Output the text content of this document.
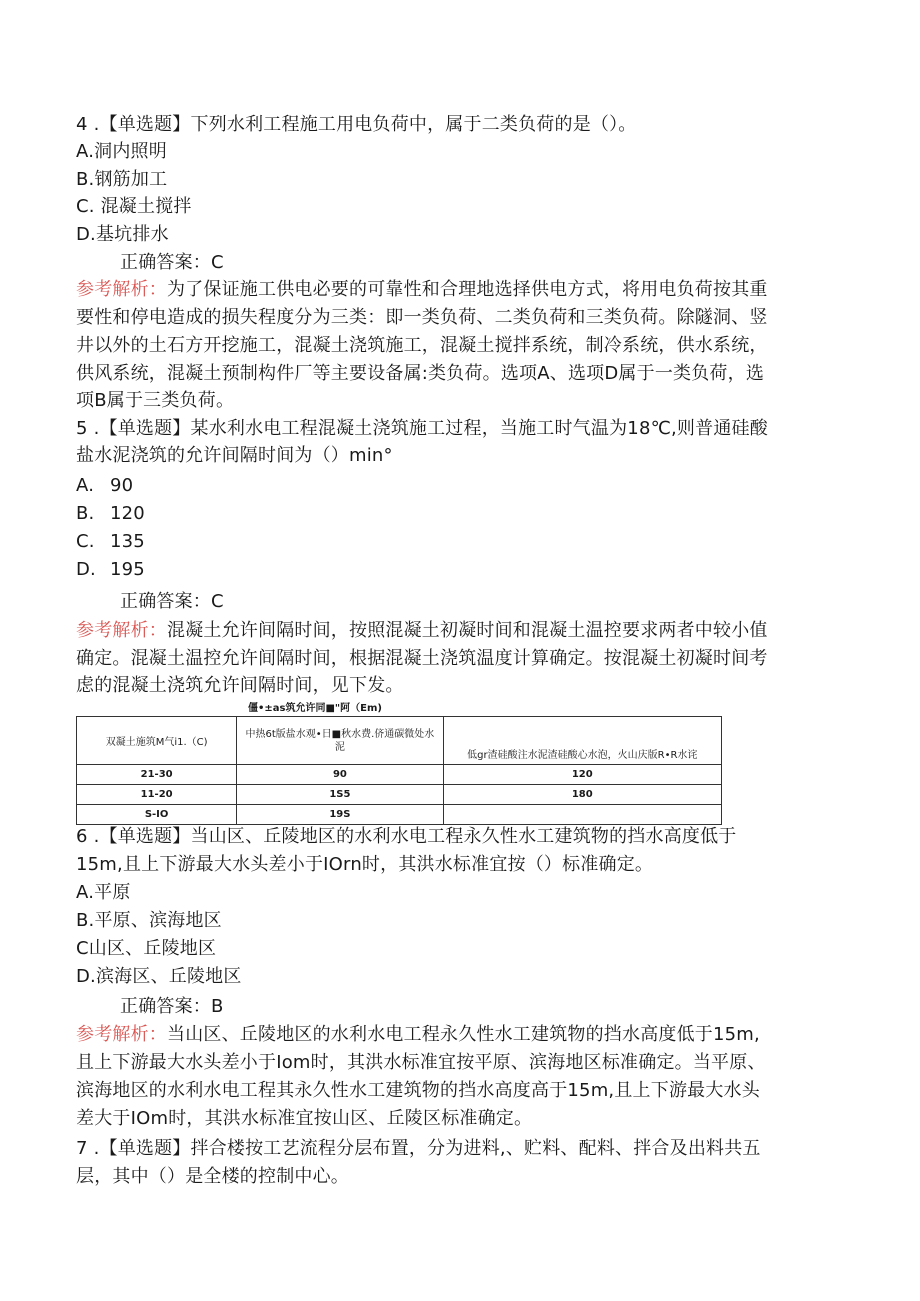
4 .【单选题】下列水利工程施工用电负荷中，属于二类负荷的是（）。
A.洞内照明
B.钢筋加工
C. 混凝土搅拌
D.基坑排水
正确答案：C
参考解析：为了保证施工供电必要的可靠性和合理地选择供电方式，将用电负荷按其重
要性和停电造成的损失程度分为三类：即一类负荷、二类负荷和三类负荷。除隧洞、竖
井以外的土石方开挖施工，混凝土浇筑施工，混凝土搅拌系统，制冷系统，供水系统，
供风系统，混凝土预制构件厂等主要设备属:类负荷。选项A、选项D属于一类负荷，选
项B属于三类负荷。
5 .【单选题】某水利水电工程混凝土浇筑施工过程，当施工时气温为18℃,则普通硅酸
盐水泥浇筑的允许间隔时间为（）min°
A. 90
B. 120
C. 135
D. 195
正确答案：C
参考解析：混凝土允许间隔时间，按照混凝土初凝时间和混凝土温控要求两者中较小值
确定。混凝土温控允许间隔时间，根据混凝土浇筑温度计算确定。按混凝土初凝时间考
虑的混凝土浇筑允许间隔时间，见下发。
僵•±as筑允许同■"阿（Em)
双凝土施筑M气i1.（C)	中热6t版盐水观•日■秋水费.侪通碳微处水泥	低gr渣硅酸注水泥渣硅酸心水泡，火山庆版R•R水诧
21-30	90	120
11-20	1S5	180
S-IO	19S	
6 .【单选题】当山区、丘陵地区的水利水电工程永久性水工建筑物的挡水高度低于
15m,且上下游最大水头差小于IOrn时，其洪水标准宜按（）标准确定。
A.平原
B.平原、滨海地区
C山区、丘陵地区
D.滨海区、丘陵地区
正确答案：B
参考解析：当山区、丘陵地区的水利水电工程永久性水工建筑物的挡水高度低于15m,
且上下游最大水头差小于Iom时，其洪水标准宜按平原、滨海地区标准确定。当平原、
滨海地区的水利水电工程其永久性水工建筑物的挡水高度高于15m,且上下游最大水头
差大于IOm时，其洪水标准宜按山区、丘陵区标准确定。
7 .【单选题】拌合楼按工艺流程分层布置，分为进料,、贮料、配料、拌合及出料共五
层，其中（）是全楼的控制中心。
